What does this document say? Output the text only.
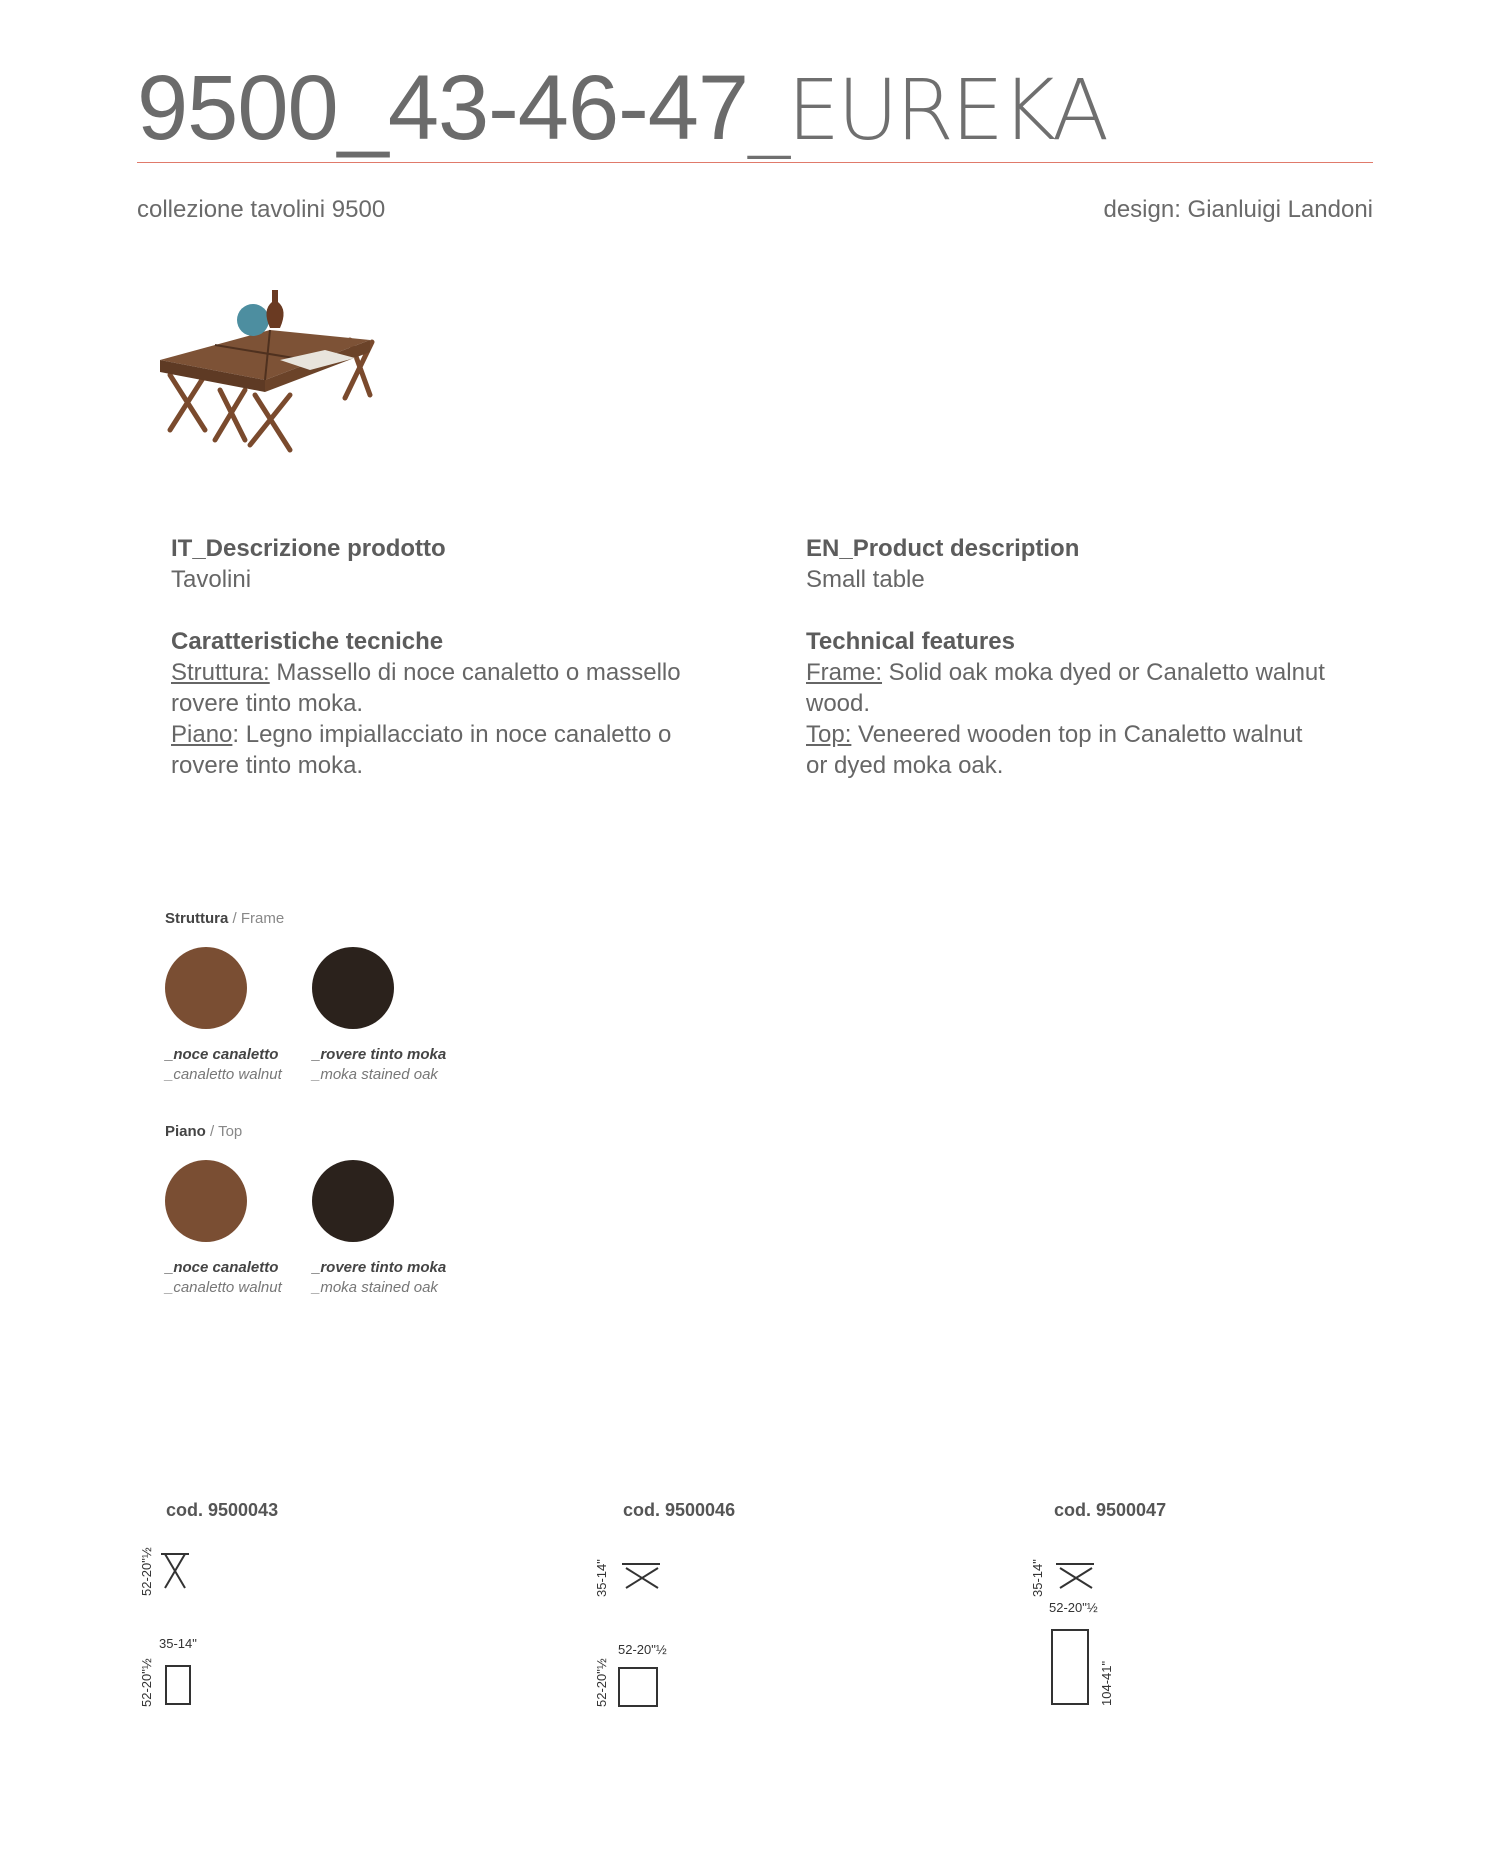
9500_43-46-47_EUREKA
collezione tavolini 9500	design: Gianluigi Landoni
IT_Descrizione prodotto
Tavolini
Caratteristiche tecniche
Struttura: Massello di noce canaletto o massello rovere tinto moka.
Piano: Legno impiallacciato in noce canaletto o rovere tinto moka.
EN_Product description
Small table
Technical features
Frame: Solid oak moka dyed or Canaletto walnut wood.
Top: Veneered wooden top in Canaletto walnut or dyed moka oak.
Struttura / Frame
_noce canaletto
_canaletto walnut
_rovere tinto moka
_moka stained oak
Piano / Top
_noce canaletto
_canaletto walnut
_rovere tinto moka
_moka stained oak
cod. 9500043
52-20"½
35-14"
52-20"½
cod. 9500046
35-14"
52-20"½
52-20"½
cod. 9500047
35-14"
52-20"½
104-41"
